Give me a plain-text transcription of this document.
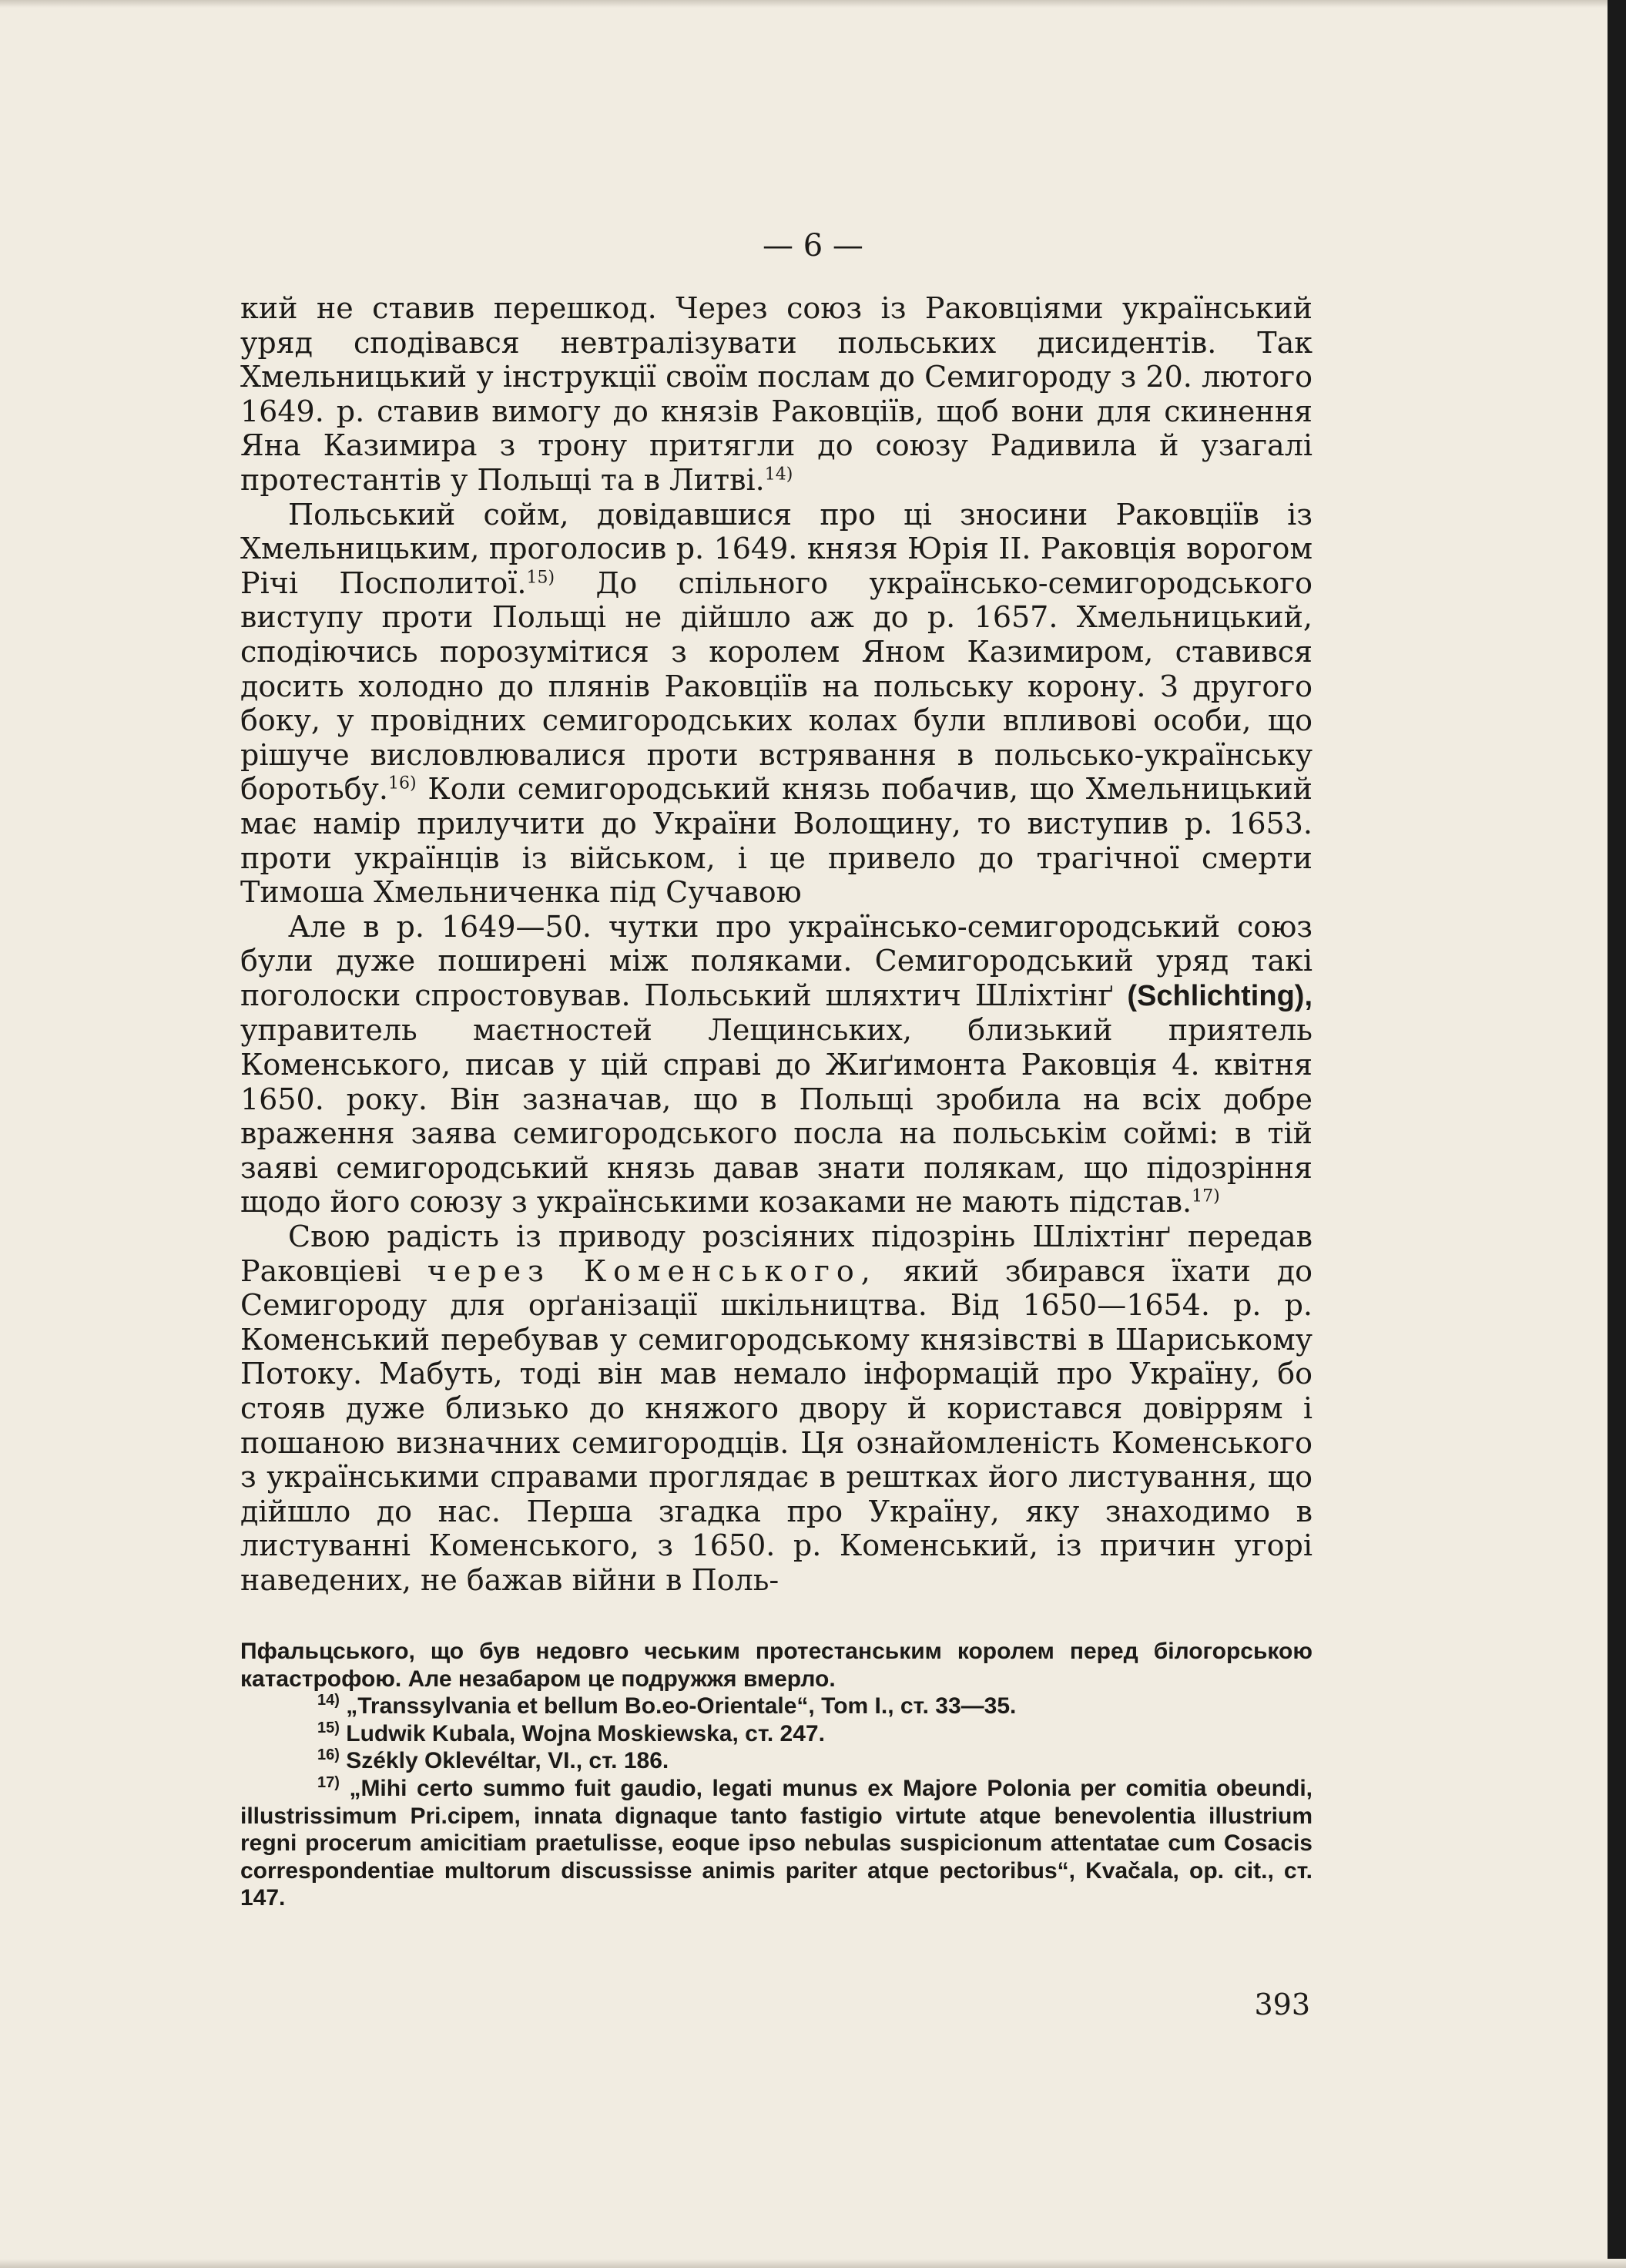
— 6 —

кий не ставив перешкод. Через союз із Раковціями український уряд сподівався невтралізувати польських дисидентів. Так Хмельницький у інструкції своїм послам до Семигороду з 20. лютого 1649. р. ставив вимогу до князів Раковціїв, щоб вони для скинення Яна Казимира з трону притягли до союзу Радивила й узагалі протестантів у Польщі та в Литві.$^{14)}$

Польський сойм, довідавшися про ці зносини Раковціїв із Хмельницьким, проголосив р. 1649. князя Юрія II. Раковція ворогом Річі Посполитої.$^{15)}$ До спільного українсько-семигородського виступу проти Польщі не дійшло аж до р. 1657. Хмельницький, сподіючись порозумітися з королем Яном Казимиром, ставився досить холодно до плянів Раковціїв на польську корону. З другого боку, у провідних семигородських колах були впливові особи, що рішуче висловлювалися проти встрявання в польсько-українську боротьбу.$^{16)}$ Коли семигородський князь побачив, що Хмельницький має намір прилучити до України Волощину, то виступив р. 1653. проти українців із військом, і це привело до трагічної смерти Тимоша Хмельниченка під Сучавою

Але в р. 1649—50. чутки про українсько-семигородський союз були дуже поширені між поляками. Семигородський уряд такі поголоски спростовував. Польський шляхтич Шліхтінґ (Schlichting), управитель маєтностей Лещинських, близький приятель Коменського, писав у цій справі до Жиґимонта Раковція 4. квітня 1650. року. Він зазначав, що в Польщі зробила на всіх добре враження заява семигородського посла на польськім соймі: в тій заяві семигородський князь давав знати полякам, що підозріння щодо його союзу з українськими козаками не мають підстав.$^{17)}$

Свою радість із приводу розсіяних підозрінь Шліхтінґ передав Раковціеві через Коменського, який збирався їхати до Семигороду для орґанізації шкільництва. Від 1650—1654. р. р. Коменський перебував у семигородському князівстві в Шариському Потоку. Мабуть, тоді він мав немало інформацій про Україну, бо стояв дуже близько до княжого двору й користався довіррям і пошаною визначних семигородців. Ця ознайомленість Коменського з українськими справами проглядає в рештках його листування, що дійшло до нас. Перша згадка про Україну, яку знаходимо в листуванні Коменського, з 1650. р. Коменський, із причин угорі наведених, не бажав війни в Поль-

Пфальцського, що був недовго чеським протестанським королем перед білогорською катастрофою. Але незабаром це подружжя вмерло.

$^{14)}$ „Transsylvania et bellum Bo.eo-Orientale“, Tom I., ст. 33—35.

$^{15)}$ Ludwik Kubala, Wojna Moskiewska, ст. 247.

$^{16)}$ Székly Oklevéltar, VI., ст. 186.

$^{17)}$ „Mihi certo summo fuit gaudio, legati munus ex Majore Polonia per comitia obeundi, illustrissimum Pri.cipem, innata dignaque tanto fastigio virtute atque benevolentia illustrium regni procerum amicitiam praetulisse, eoque ipso nebulas suspicionum attentatae cum Cosacis correspondentiae multorum discussisse animis pariter atque pectoribus“, Kvačala, op. cit., ст. 147.

393
